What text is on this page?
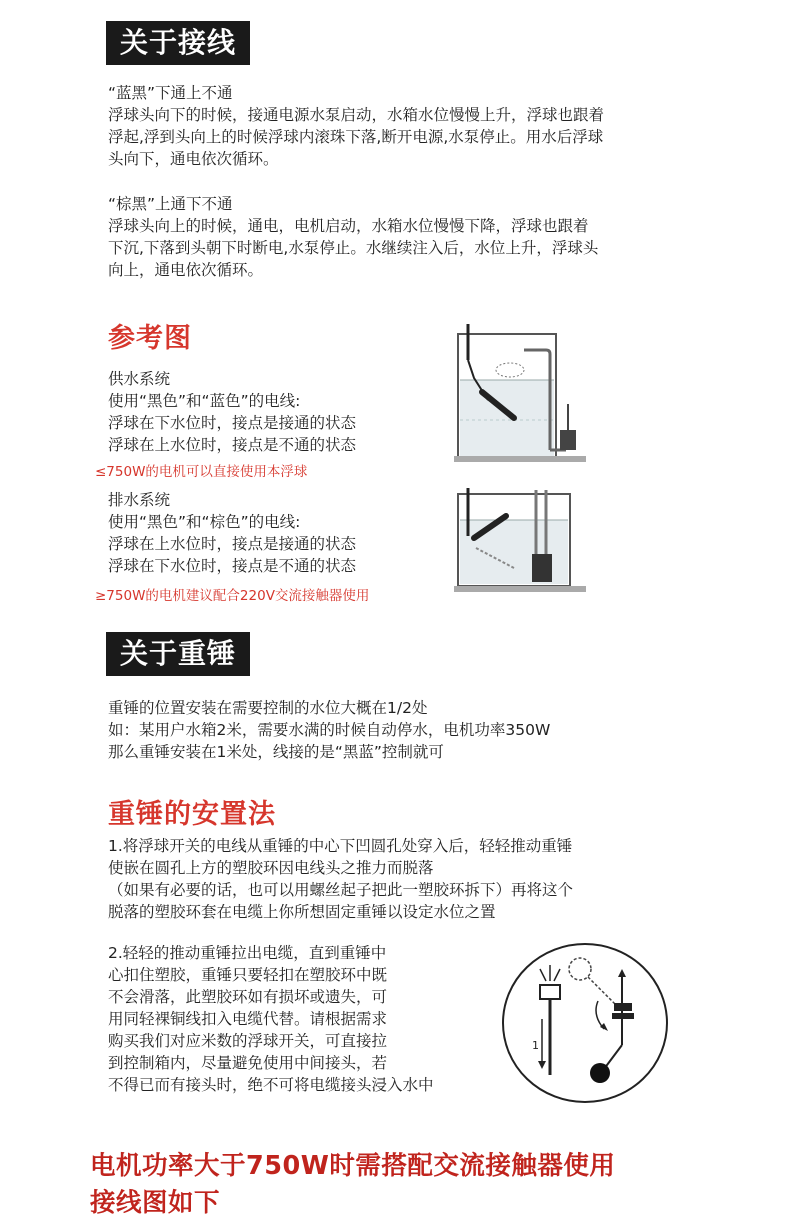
关于接线
“蓝黑”下通上不通
浮球头向下的时候，接通电源水泵启动，水箱水位慢慢上升，浮球也跟着
浮起,浮到头向上的时候浮球内滚珠下落,断开电源,水泵停止。用水后浮球
头向下，通电依次循环。
“棕黑”上通下不通
浮球头向上的时候，通电，电机启动，水箱水位慢慢下降，浮球也跟着
下沉,下落到头朝下时断电,水泵停止。水继续注入后，水位上升，浮球头
向上，通电依次循环。
参考图
供水系统
使用“黑色”和“蓝色”的电线:
浮球在下水位时，接点是接通的状态
浮球在上水位时，接点是不通的状态
≤750W的电机可以直接使用本浮球
排水系统
使用“黑色”和“棕色”的电线:
浮球在上水位时，接点是接通的状态
浮球在下水位时，接点是不通的状态
≥750W的电机建议配合220V交流接触器使用
关于重锤
重锤的位置安装在需要控制的水位大概在1/2处
如：某用户水箱2米，需要水满的时候自动停水，电机功率350W
那么重锤安装在1米处，线接的是“黑蓝”控制就可
重锤的安置法
1.将浮球开关的电线从重锤的中心下凹圆孔处穿入后，轻轻推动重锤
使嵌在圆孔上方的塑胶环因电线头之推力而脱落
（如果有必要的话，也可以用螺丝起子把此一塑胶环拆下）再将这个
脱落的塑胶环套在电缆上你所想固定重锤以设定水位之置
2.轻轻的推动重锤拉出电缆，直到重锤中
心扣住塑胶，重锤只要轻扣在塑胶环中既
不会滑落，此塑胶环如有损坏或遗失，可
用同轻裸铜线扣入电缆代替。请根据需求
购买我们对应米数的浮球开关，可直接拉
到控制箱内，尽量避免使用中间接头，若
不得已而有接头时，绝不可将电缆接头浸入水中
1
电机功率大于750W时需搭配交流接触器使用
接线图如下
